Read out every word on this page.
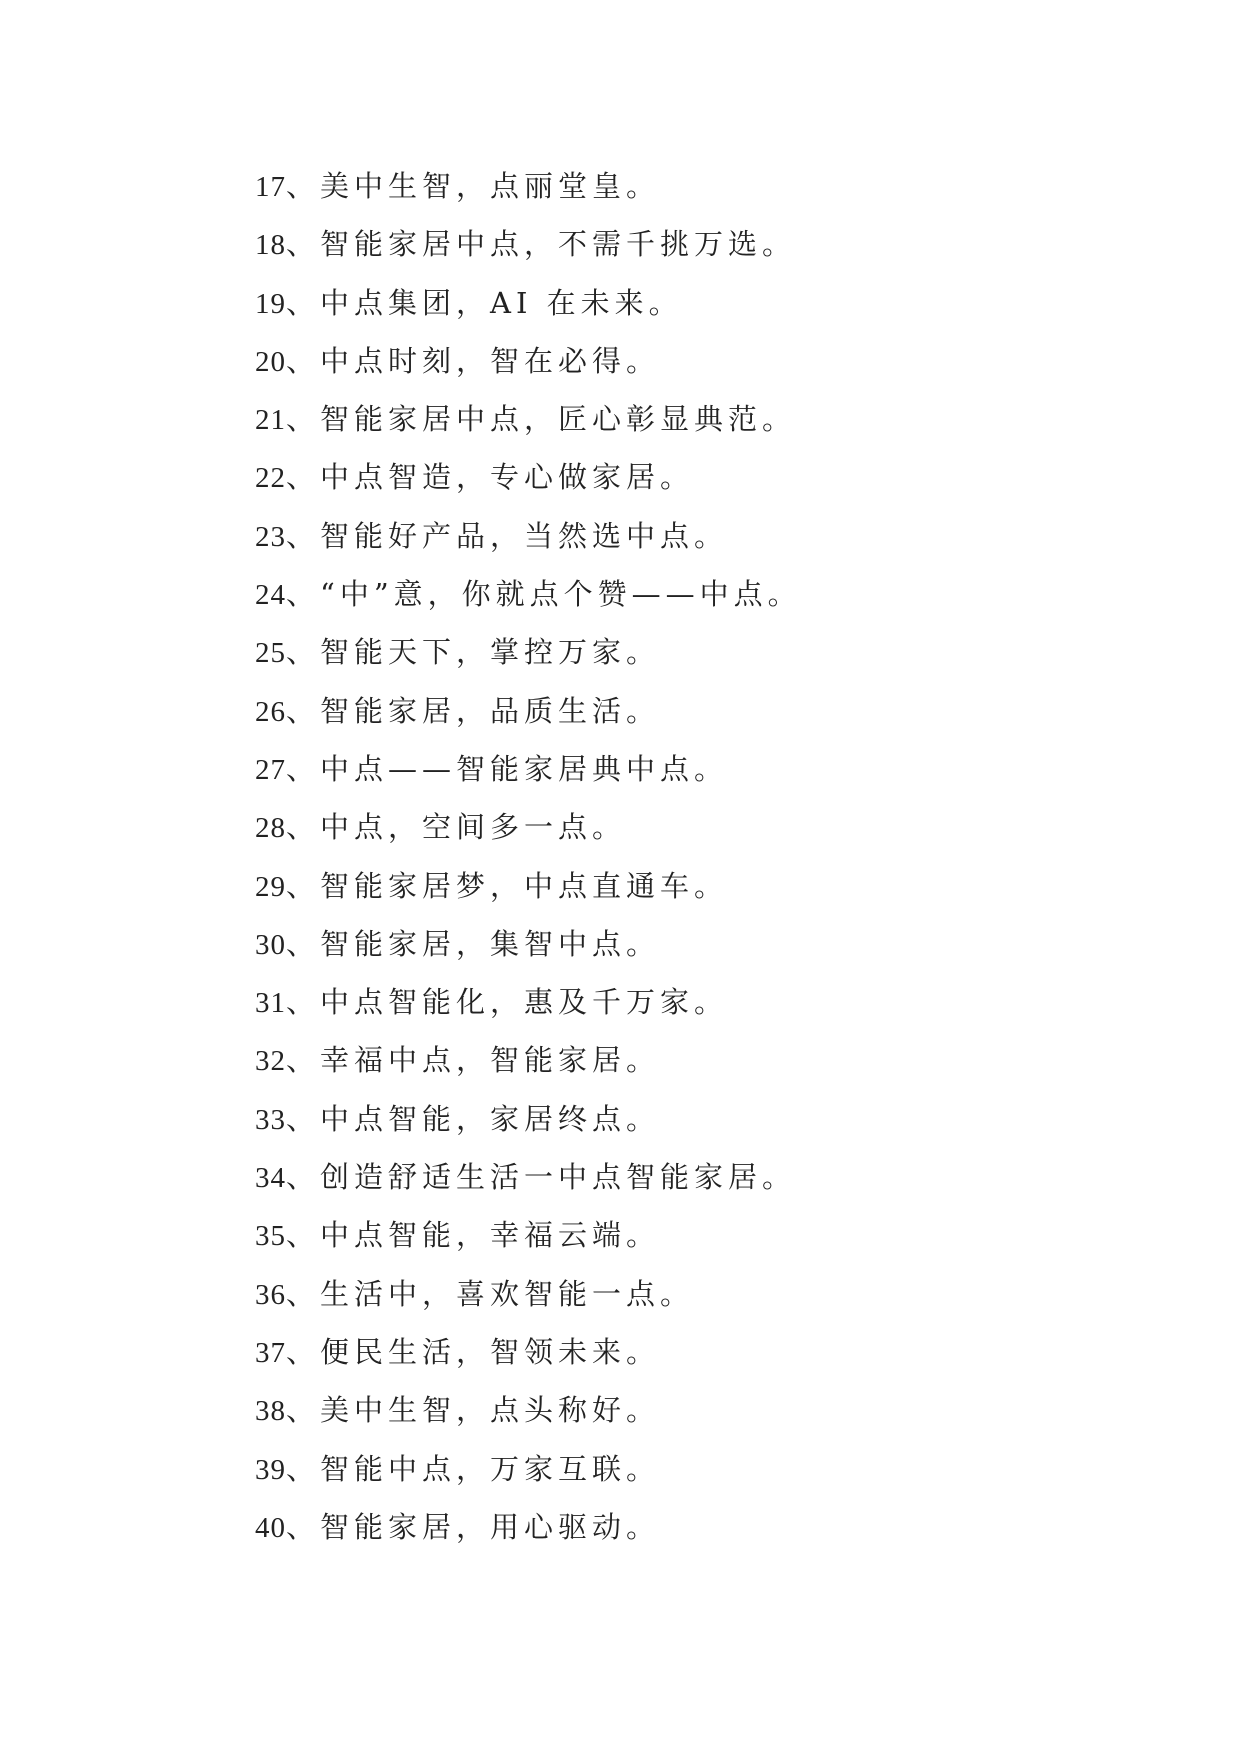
17、美中生智，点丽堂皇。
18、智能家居中点，不需千挑万选。
19、中点集团，AI 在未来。
20、中点时刻，智在必得。
21、智能家居中点，匠心彰显典范。
22、中点智造，专心做家居。
23、智能好产品，当然选中点。
24、“中”意，你就点个赞——中点。
25、智能天下，掌控万家。
26、智能家居，品质生活。
27、中点——智能家居典中点。
28、中点，空间多一点。
29、智能家居梦，中点直通车。
30、智能家居，集智中点。
31、中点智能化，惠及千万家。
32、幸福中点，智能家居。
33、中点智能，家居终点。
34、创造舒适生活一中点智能家居。
35、中点智能，幸福云端。
36、生活中，喜欢智能一点。
37、便民生活，智领未来。
38、美中生智，点头称好。
39、智能中点，万家互联。
40、智能家居，用心驱动。
